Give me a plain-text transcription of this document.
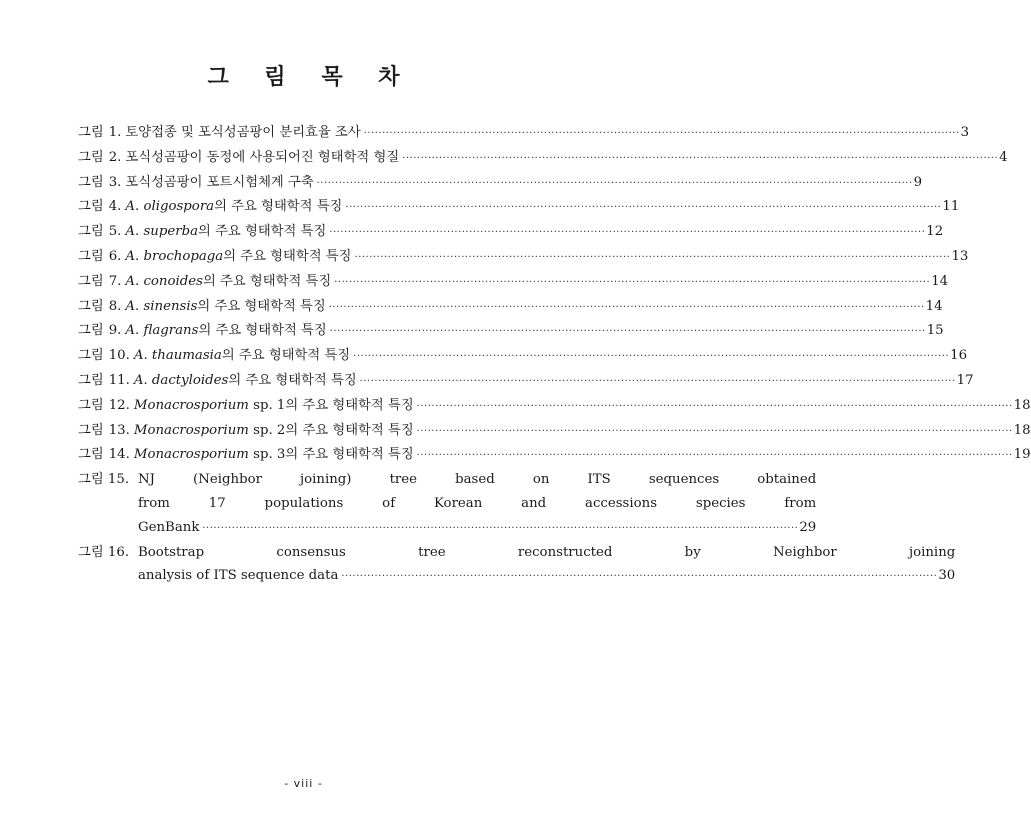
그 림 목 차
그림 1. 토양접종 및 포식성곰팡이 분리효율 조사 ·····	3
그림 2. 포식성곰팡이 동정에 사용되어진 형태학적 형질 ·····	4
그림 3. 포식성곰팡이 포트시험체계 구축 ·····	9
그림 4. A. oligospora의 주요 형태학적 특징 ·····	11
그림 5. A. superba의 주요 형태학적 특징 ·····	12
그림 6. A. brochopaga의 주요 형태학적 특징 ·····	13
그림 7. A. conoides의 주요 형태학적 특징 ·····	14
그림 8. A. sinensis의 주요 형태학적 특징 ·····	14
그림 9. A. flagrans의 주요 형태학적 특징 ·····	15
그림 10. A. thaumasia의 주요 형태학적 특징 ·····	16
그림 11. A. dactyloides의 주요 형태학적 특징 ·····	17
그림 12. Monacrosporium sp. 1의 주요 형태학적 특징 ·····	18
그림 13. Monacrosporium sp. 2의 주요 형태학적 특징 ·····	18
그림 14. Monacrosporium sp. 3의 주요 형태학적 특징 ·····	19
그림 15. NJ (Neighbor joining) tree based on ITS sequences obtained
from 17 populations of Korean and accessions species from
GenBank ·····	29
그림 16. Bootstrap consensus tree reconstructed by Neighbor joining
analysis of ITS sequence data ·····	30
- viii -
